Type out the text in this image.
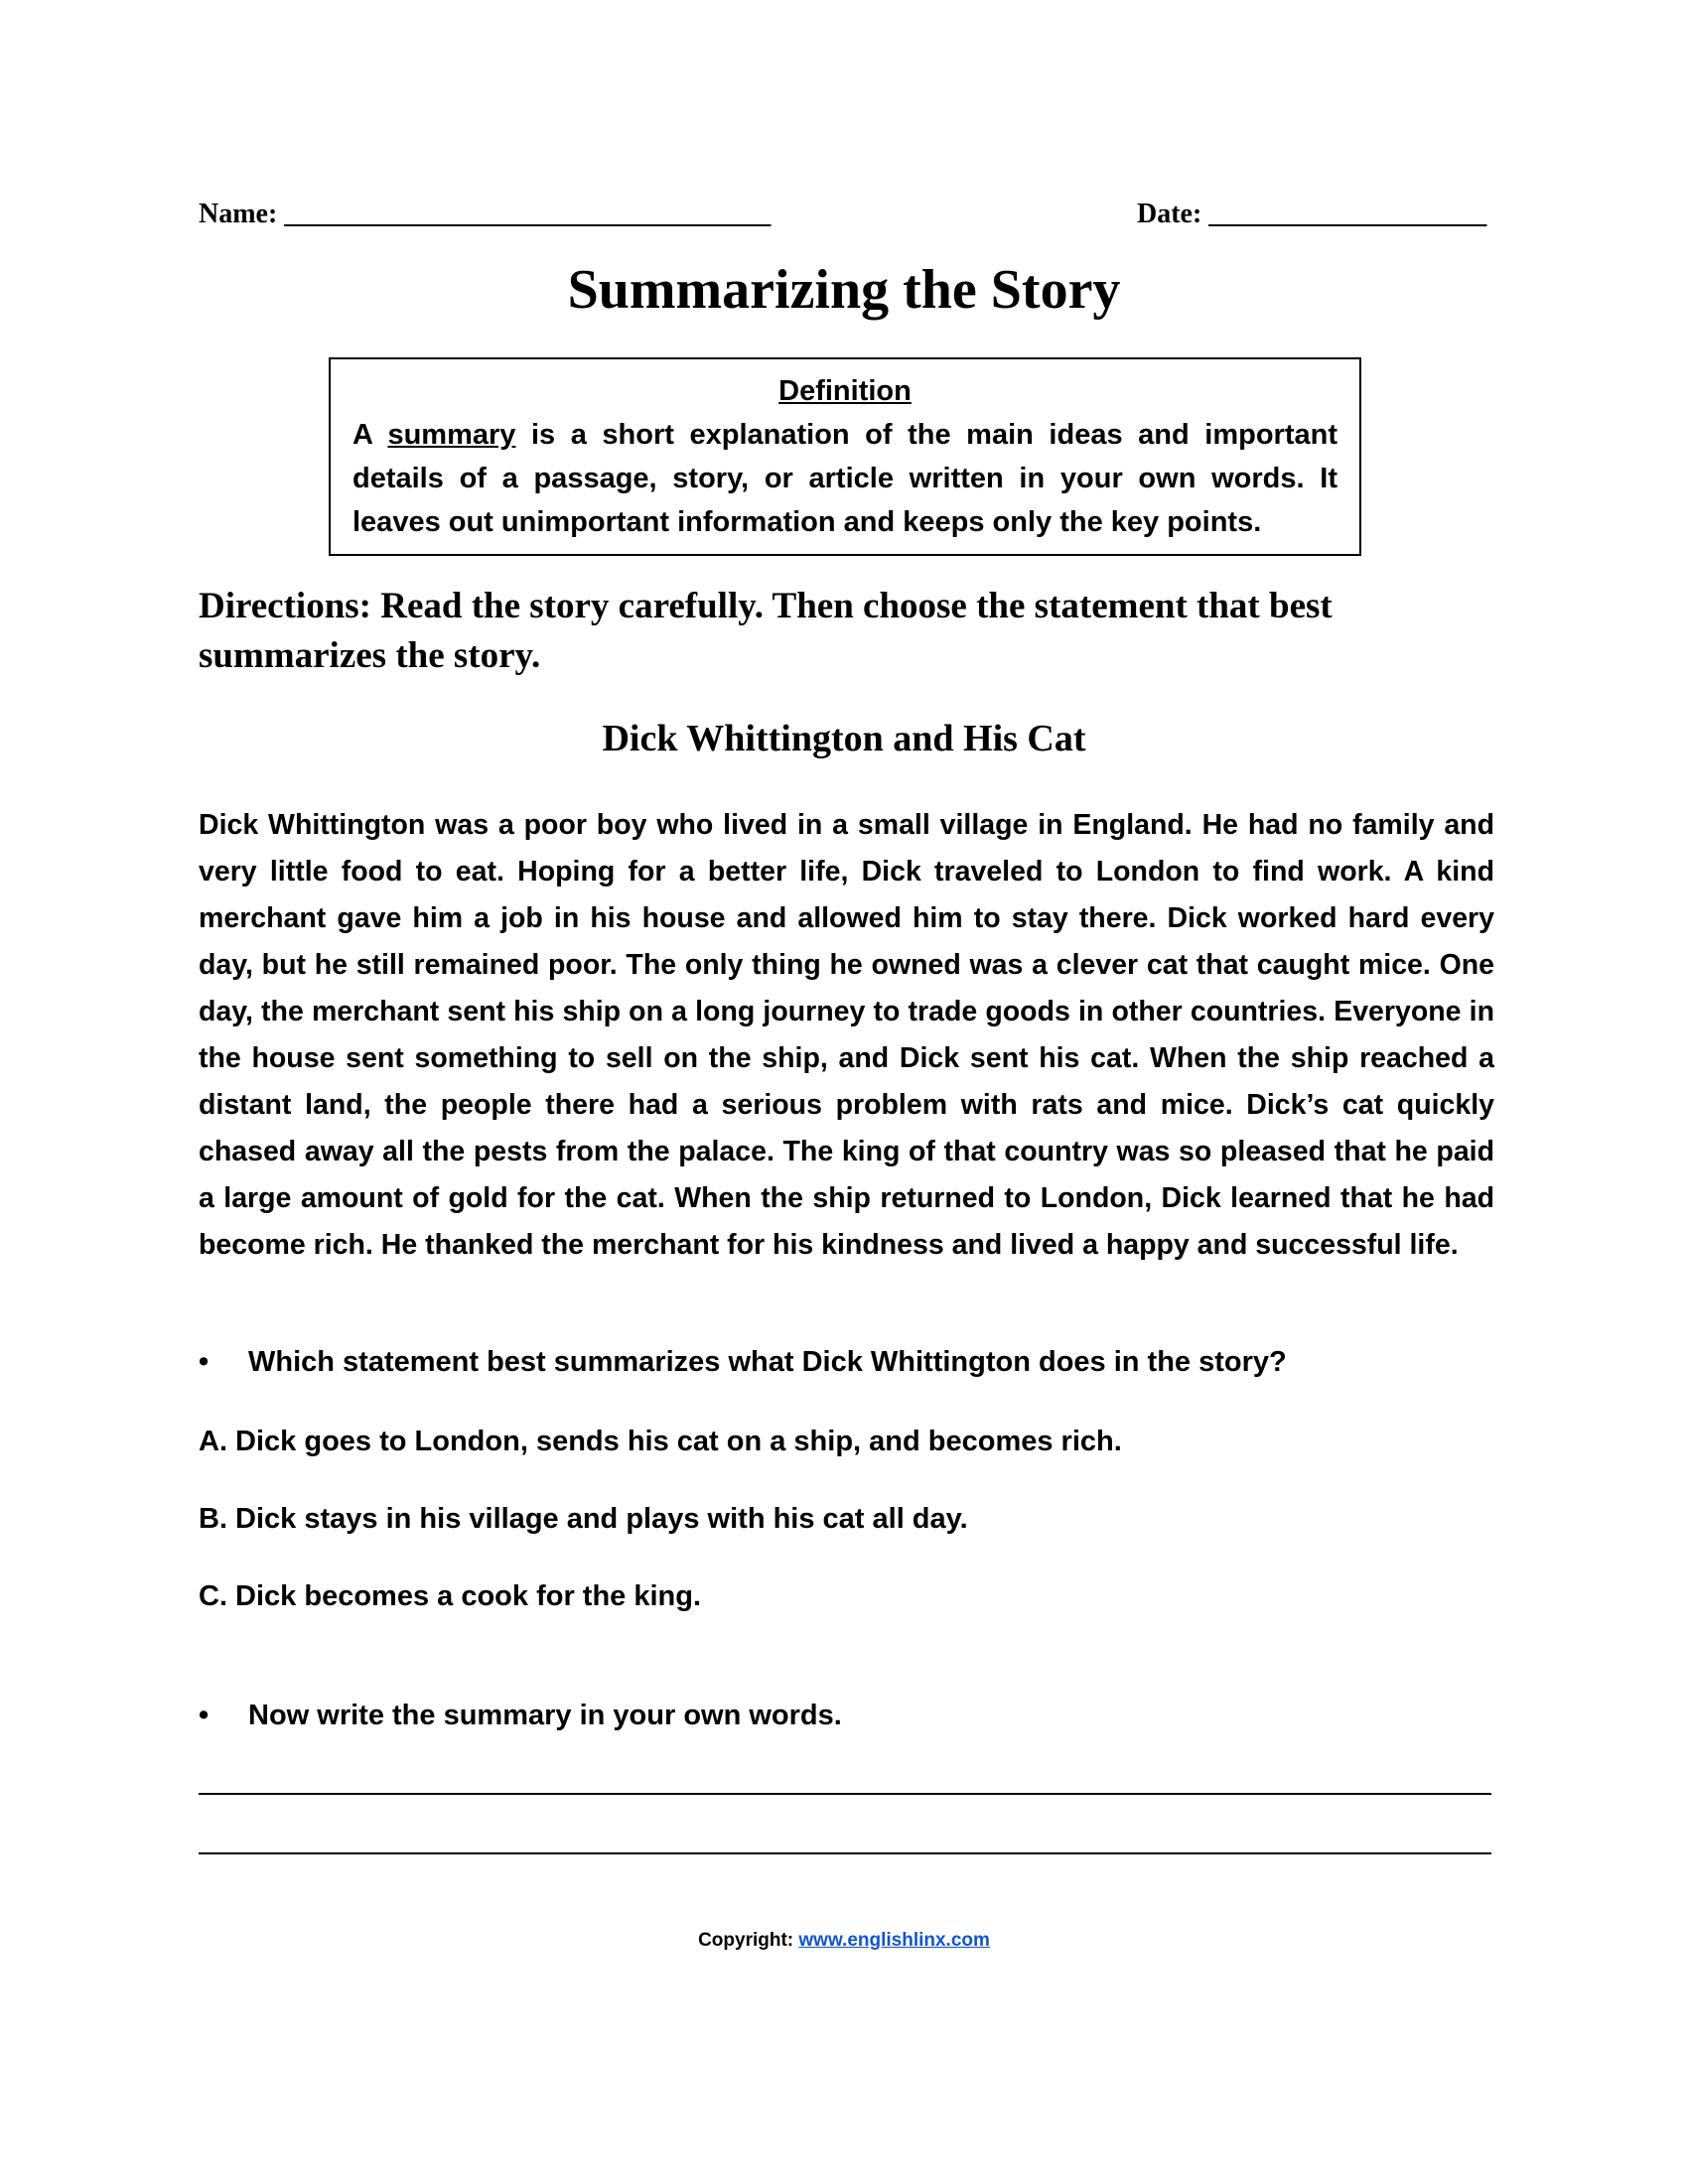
Name: ___________________________________	Date: ____________________
Summarizing the Story
Definition
A summary is a short explanation of the main ideas and important details of a passage, story, or article written in your own words. It leaves out unimportant information and keeps only the key points.

Directions: Read the story carefully. Then choose the statement that best summarizes the story.

Dick Whittington and His Cat

Dick Whittington was a poor boy who lived in a small village in England. He had no family and very little food to eat. Hoping for a better life, Dick traveled to London to find work. A kind merchant gave him a job in his house and allowed him to stay there. Dick worked hard every day, but he still remained poor. The only thing he owned was a clever cat that caught mice. One day, the merchant sent his ship on a long journey to trade goods in other countries. Everyone in the house sent something to sell on the ship, and Dick sent his cat. When the ship reached a distant land, the people there had a serious problem with rats and mice. Dick’s cat quickly chased away all the pests from the palace. The king of that country was so pleased that he paid a large amount of gold for the cat. When the ship returned to London, Dick learned that he had become rich. He thanked the merchant for his kindness and lived a happy and successful life.

• Which statement best summarizes what Dick Whittington does in the story?
A. Dick goes to London, sends his cat on a ship, and becomes rich.
B. Dick stays in his village and plays with his cat all day.
C. Dick becomes a cook for the king.
• Now write the summary in your own words.
Copyright: www.englishlinx.com
